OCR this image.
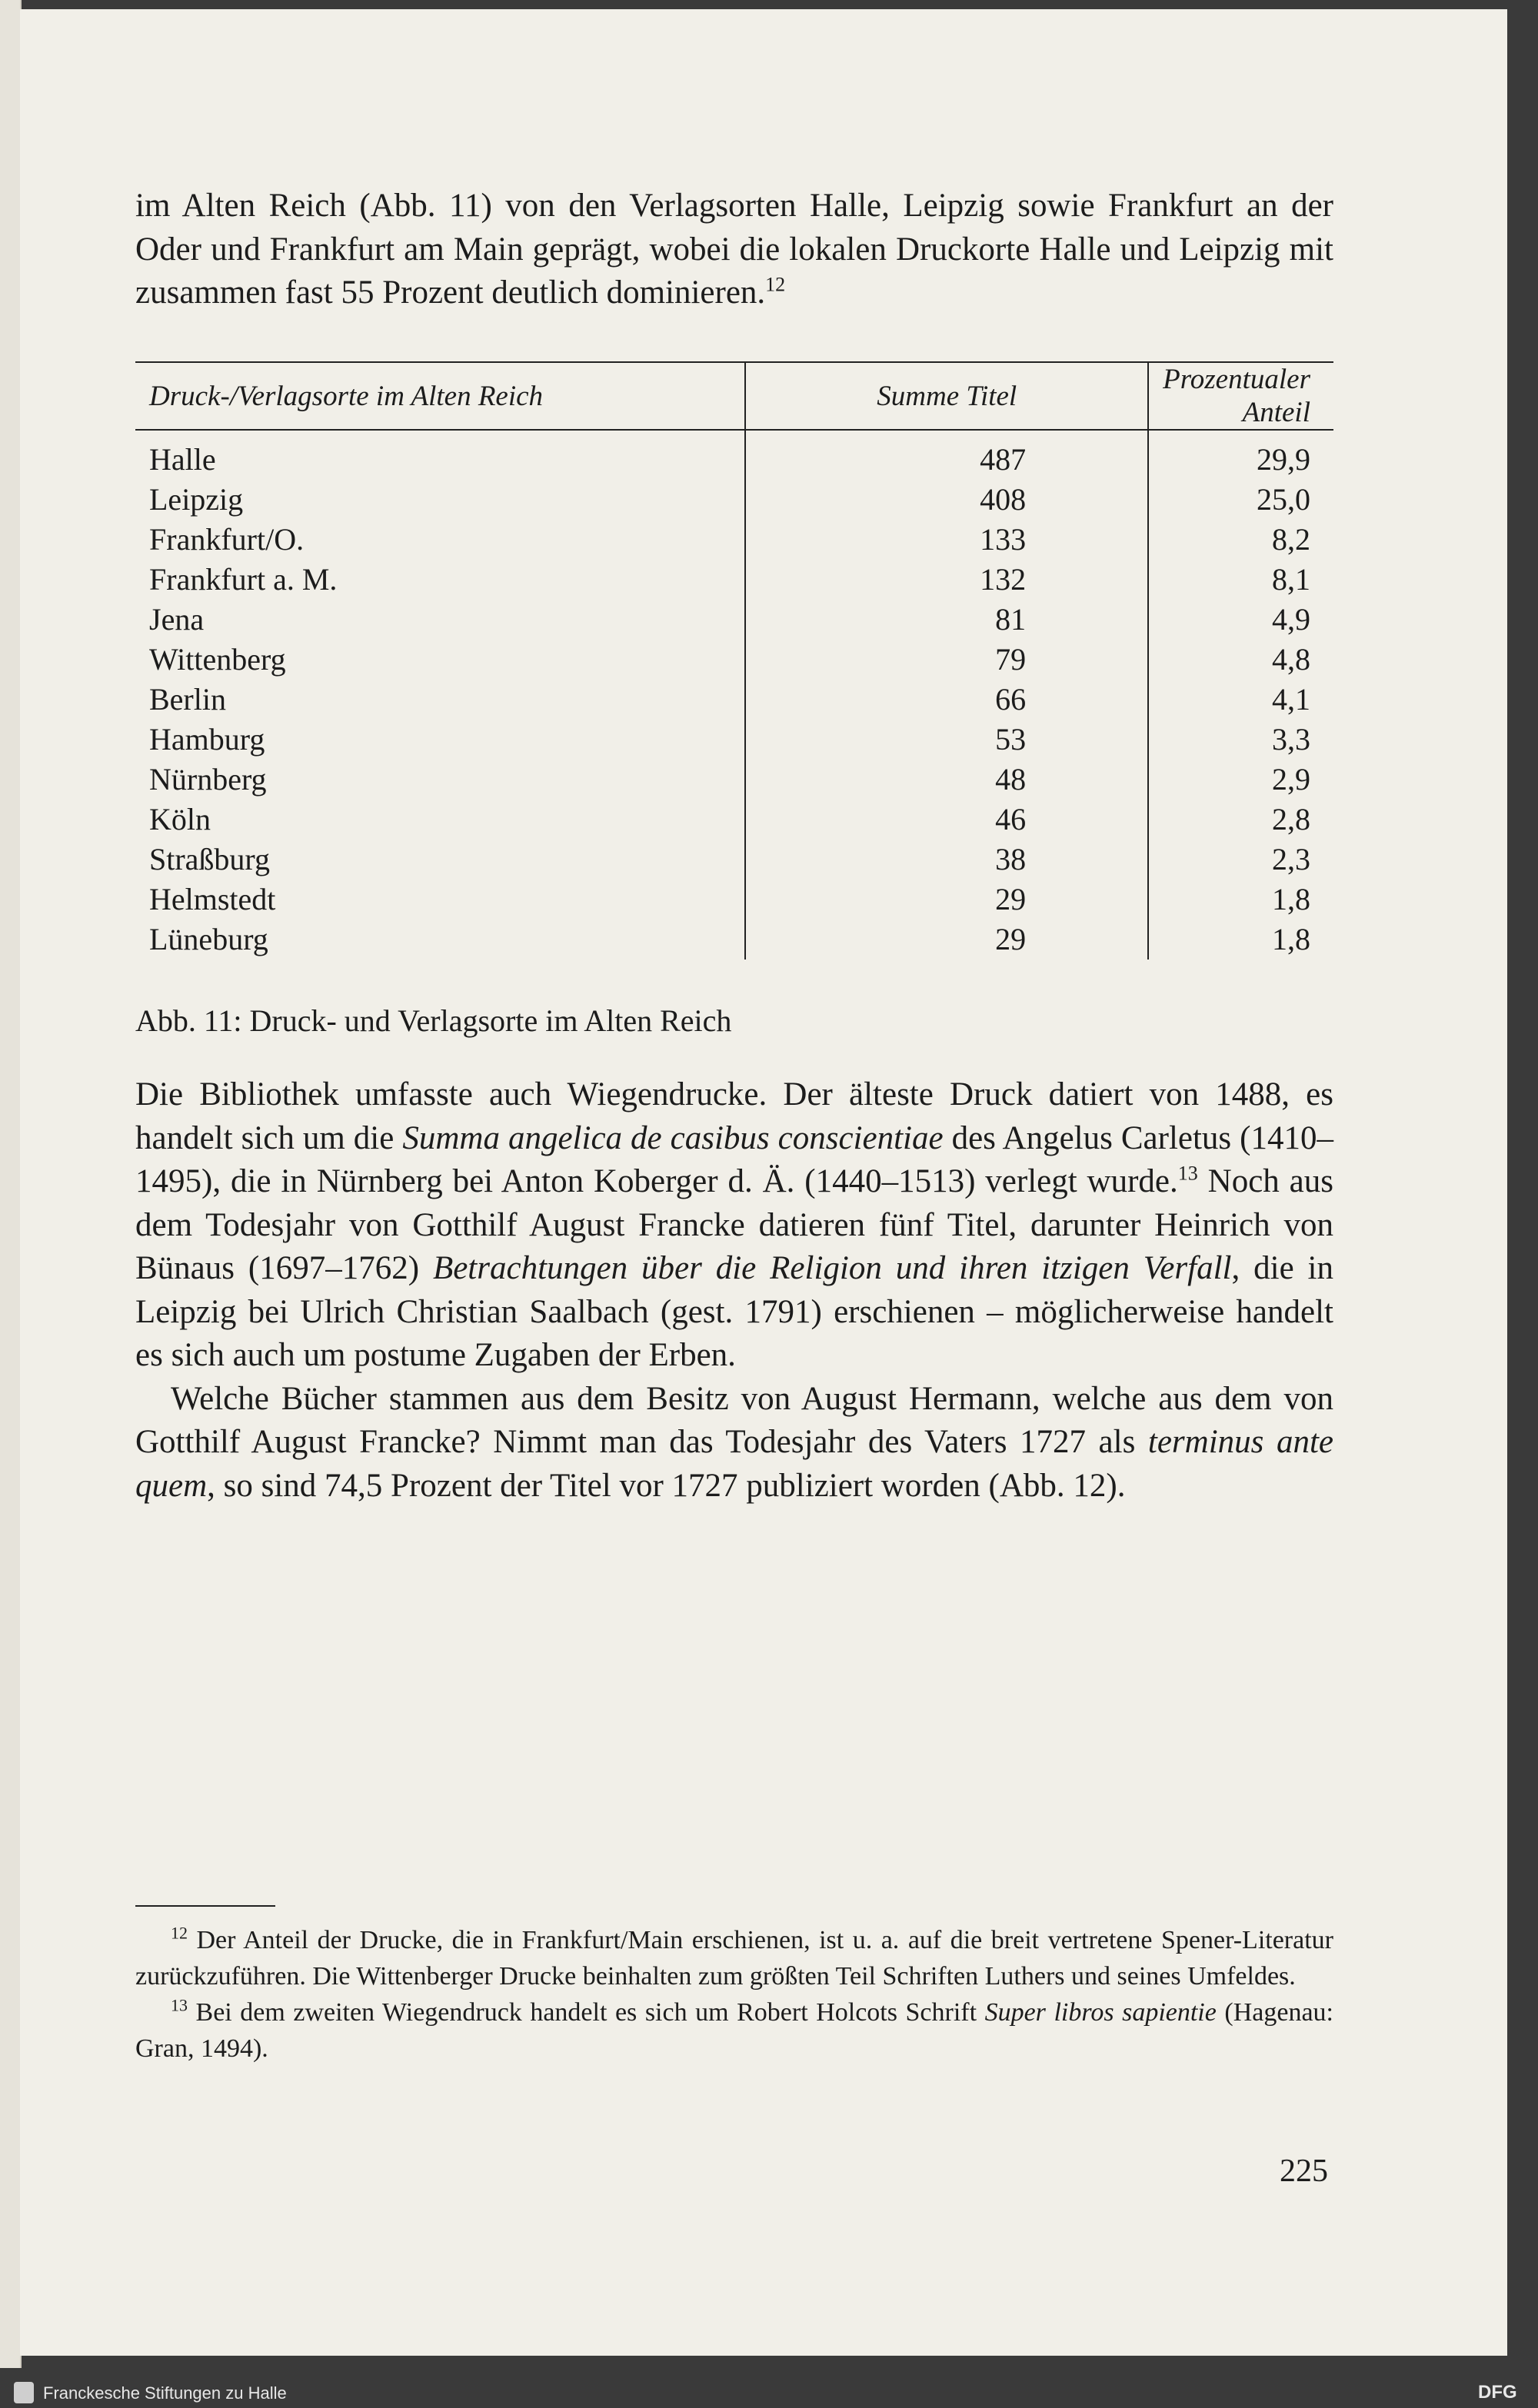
im Alten Reich (Abb. 11) von den Verlagsorten Halle, Leipzig sowie Frankfurt an der Oder und Frankfurt am Main geprägt, wobei die lokalen Druckorte Halle und Leipzig mit zusammen fast 55 Prozent deutlich dominieren.$^{12}$

Druck-/Verlagsorte im Alten Reich	Summe Titel	Prozentualer Anteil
Halle	487	29,9
Leipzig	408	25,0
Frankfurt/O.	133	8,2
Frankfurt a. M.	132	8,1
Jena	81	4,9
Wittenberg	79	4,8
Berlin	66	4,1
Hamburg	53	3,3
Nürnberg	48	2,9
Köln	46	2,8
Straßburg	38	2,3
Helmstedt	29	1,8
Lüneburg	29	1,8
Abb. 11: Druck- und Verlagsorte im Alten Reich

Die Bibliothek umfasste auch Wiegendrucke. Der älteste Druck datiert von 1488, es handelt sich um die Summa angelica de casibus conscientiae des Angelus Carletus (1410–1495), die in Nürnberg bei Anton Koberger d. Ä. (1440–1513) verlegt wurde.$^{13}$ Noch aus dem Todesjahr von Gotthilf August Francke datieren fünf Titel, darunter Heinrich von Bünaus (1697–1762) Betrachtungen über die Religion und ihren itzigen Verfall, die in Leipzig bei Ulrich Christian Saalbach (gest. 1791) erschienen – möglicherweise handelt es sich auch um postume Zugaben der Erben.

Welche Bücher stammen aus dem Besitz von August Hermann, welche aus dem von Gotthilf August Francke? Nimmt man das Todesjahr des Vaters 1727 als terminus ante quem, so sind 74,5 Prozent der Titel vor 1727 publiziert worden (Abb. 12).

$^{12}$ Der Anteil der Drucke, die in Frankfurt/Main erschienen, ist u. a. auf die breit vertretene Spener-Literatur zurückzuführen. Die Wittenberger Drucke beinhalten zum größten Teil Schriften Luthers und seines Umfeldes.

$^{13}$ Bei dem zweiten Wiegendruck handelt es sich um Robert Holcots Schrift Super libros sapientie (Hagenau: Gran, 1494).

225
Franckesche Stiftungen zu Halle	DFG
